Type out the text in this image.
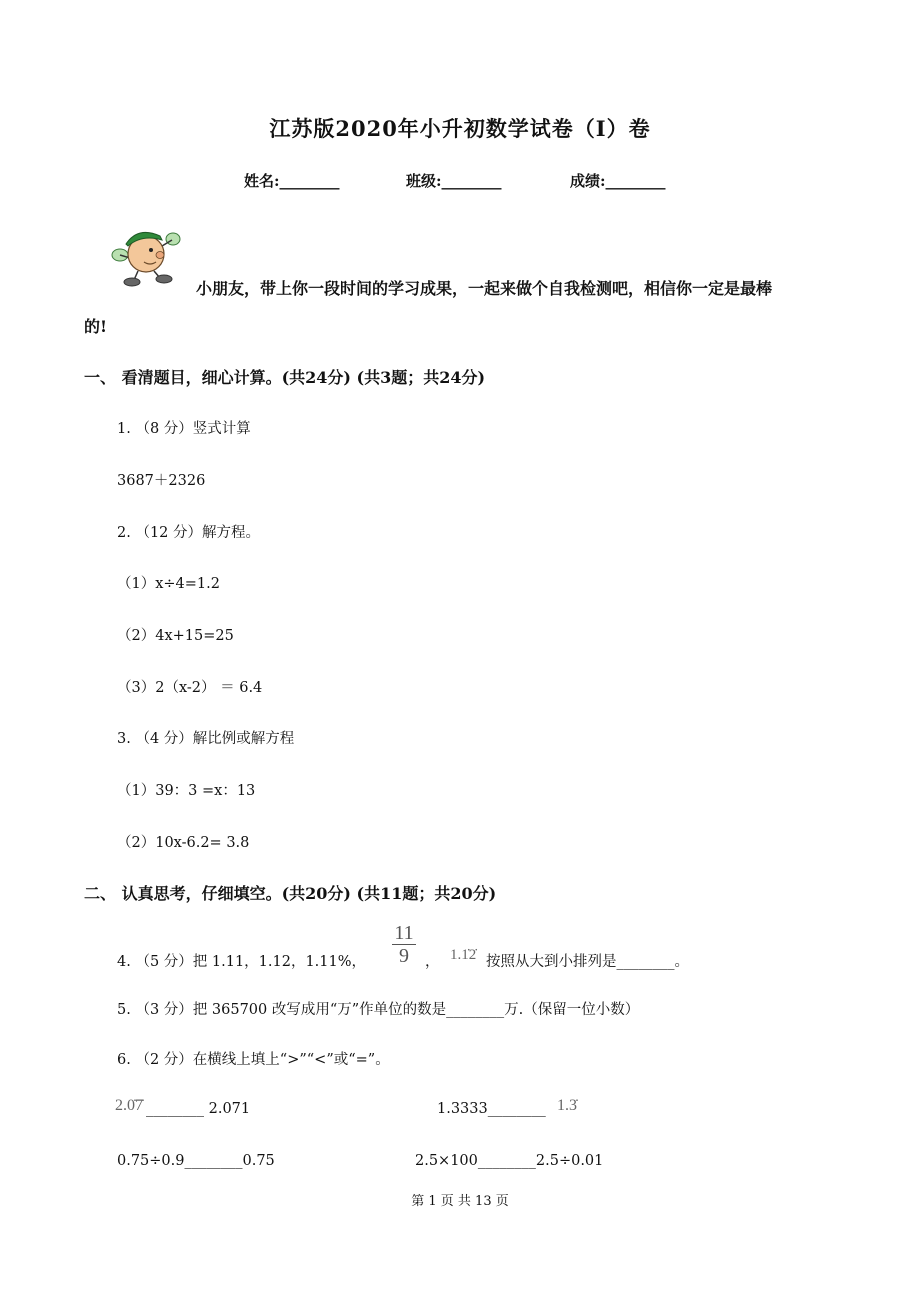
江苏版2020年小升初数学试卷（I）卷
姓名:________	班级:________	成绩:________
小朋友，带上你一段时间的学习成果，一起来做个自我检测吧，相信你一定是最棒
的!
一、 看清题目，细心计算。(共24分) (共3题；共24分)
1. （8 分）竖式计算
3687＋2326
2. （12 分）解方程。
（1）x÷4=1.2
（2）4x+15=25
（3）2（x-2） ＝ 6.4
3. （4 分）解比例或解方程
（1）39：3 =x：13
（2）10x-6.2= 3.8
二、 认真思考，仔细填空。(共20分) (共11题；共20分)
4. （5 分）把 1.11，1.12，1.11%， $\frac{11}{9}$ ， 1.1̇2̇ 按照从大到小排列是________。
5. （3 分）把 365700 改写成用“万”作单位的数是________万.（保留一位小数）
6. （2 分）在横线上填上“>”“<”或“=”。
2.0̇7̇ ________ 2.071	1.3333________ 1.3̇
0.75÷0.9________0.75	2.5×100________2.5÷0.01
第 1 页 共 13 页
